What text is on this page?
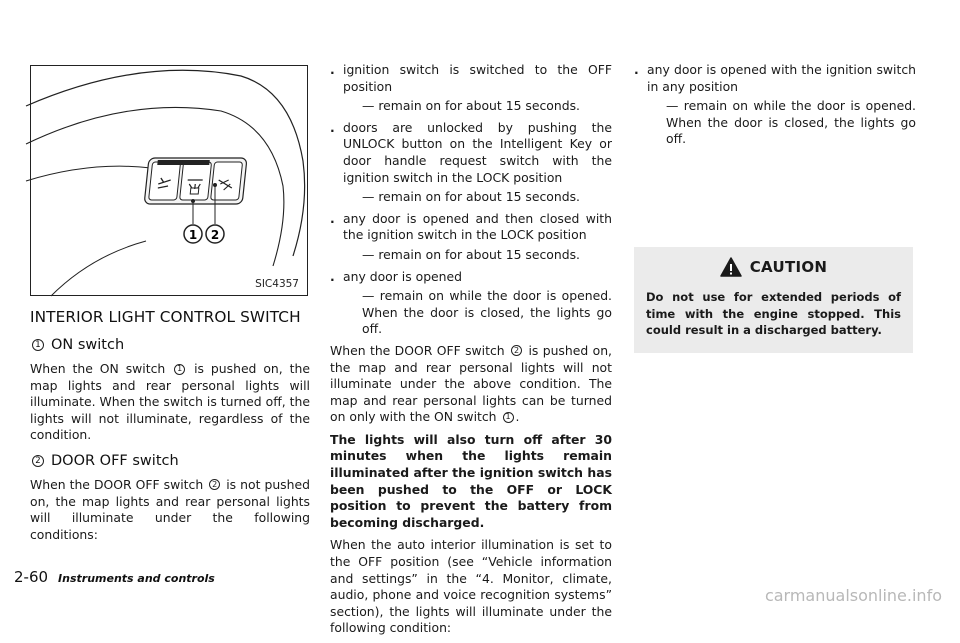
1 2
SIC4357
INTERIOR LIGHT CONTROL SWITCH
1 ON switch

When the ON switch 1 is pushed on, the map lights and rear personal lights will illuminate. When the switch is turned off, the lights will not illuminate, regardless of the condition.

2 DOOR OFF switch

When the DOOR OFF switch 2 is not pushed on, the map lights and rear personal lights will illuminate under the following conditions:

. ignition switch is switched to the OFF position
— remain on for about 15 seconds.
. doors are unlocked by pushing the UNLOCK button on the Intelligent Key or door handle request switch with the ignition switch in the LOCK position
— remain on for about 15 seconds.
. any door is opened and then closed with the ignition switch in the LOCK position
— remain on for about 15 seconds.
. any door is opened
— remain on while the door is opened. When the door is closed, the lights go off.

When the DOOR OFF switch 2 is pushed on, the map and rear personal lights will not illuminate under the above condition. The map and rear personal lights can be turned on only with the ON switch 1 .

The lights will also turn off after 30 minutes when the lights remain illuminated after the ignition switch has been pushed to the OFF or LOCK position to prevent the battery from becoming discharged.

When the auto interior illumination is set to the OFF position (see “Vehicle information and settings” in the “4. Monitor, climate, audio, phone and voice recognition systems” section), the lights will illuminate under the following condition:

. any door is opened with the ignition switch in any position
— remain on while the door is opened. When the door is closed, the lights go off.
CAUTION
Do not use for extended periods of time with the engine stopped. This could result in a discharged battery.
2-60 Instruments and controls
carmanualsonline.info
